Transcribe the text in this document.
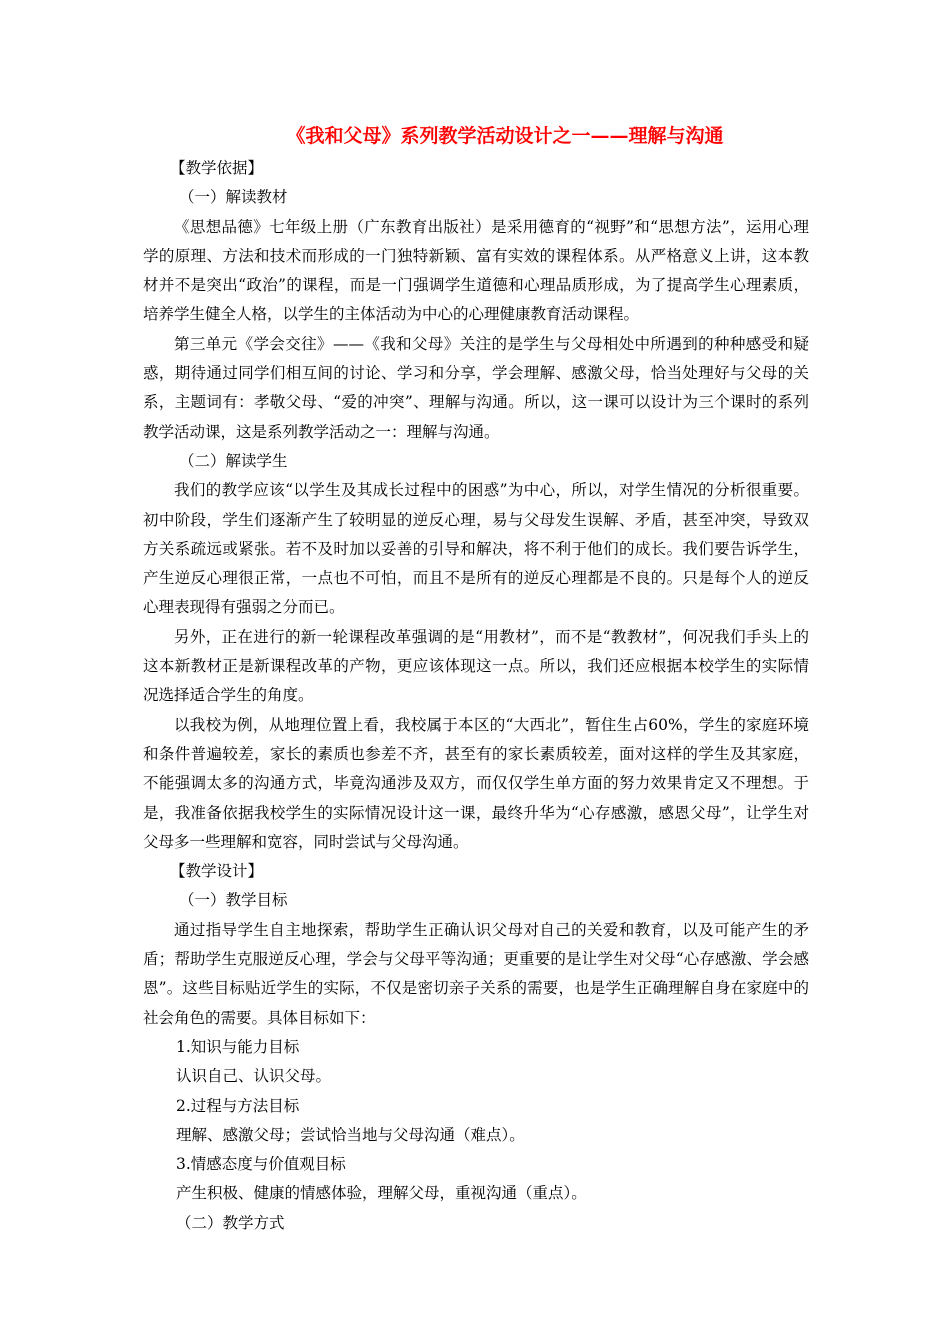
《我和父母》系列教学活动设计之一——理解与沟通

【教学依据】

（一）解读教材

《思想品德》七年级上册（广东教育出版社）是采用德育的“视野”和“思想方法”，运用心理学的原理、方法和技术而形成的一门独特新颖、富有实效的课程体系。从严格意义上讲，这本教材并不是突出“政治”的课程，而是一门强调学生道德和心理品质形成，为了提高学生心理素质，培养学生健全人格，以学生的主体活动为中心的心理健康教育活动课程。

第三单元《学会交往》——《我和父母》关注的是学生与父母相处中所遇到的种种感受和疑惑，期待通过同学们相互间的讨论、学习和分享，学会理解、感激父母，恰当处理好与父母的关系，主题词有：孝敬父母、“爱的冲突”、理解与沟通。所以，这一课可以设计为三个课时的系列教学活动课，这是系列教学活动之一：理解与沟通。

（二）解读学生

我们的教学应该“以学生及其成长过程中的困惑”为中心，所以，对学生情况的分析很重要。初中阶段，学生们逐渐产生了较明显的逆反心理，易与父母发生误解、矛盾，甚至冲突，导致双方关系疏远或紧张。若不及时加以妥善的引导和解决，将不利于他们的成长。我们要告诉学生，产生逆反心理很正常，一点也不可怕，而且不是所有的逆反心理都是不良的。只是每个人的逆反心理表现得有强弱之分而已。

另外，正在进行的新一轮课程改革强调的是“用教材”，而不是“教教材”，何况我们手头上的这本新教材正是新课程改革的产物，更应该体现这一点。所以，我们还应根据本校学生的实际情况选择适合学生的角度。

以我校为例，从地理位置上看，我校属于本区的“大西北”，暂住生占60%，学生的家庭环境和条件普遍较差，家长的素质也参差不齐，甚至有的家长素质较差，面对这样的学生及其家庭，不能强调太多的沟通方式，毕竟沟通涉及双方，而仅仅学生单方面的努力效果肯定又不理想。于是，我准备依据我校学生的实际情况设计这一课，最终升华为“心存感激，感恩父母”，让学生对父母多一些理解和宽容，同时尝试与父母沟通。

【教学设计】

（一）教学目标

通过指导学生自主地探索，帮助学生正确认识父母对自己的关爱和教育，以及可能产生的矛盾；帮助学生克服逆反心理，学会与父母平等沟通；更重要的是让学生对父母“心存感激、学会感恩”。这些目标贴近学生的实际，不仅是密切亲子关系的需要，也是学生正确理解自身在家庭中的社会角色的需要。具体目标如下：

1.知识与能力目标

认识自己、认识父母。

2.过程与方法目标

理解、感激父母；尝试恰当地与父母沟通（难点）。

3.情感态度与价值观目标

产生积极、健康的情感体验，理解父母，重视沟通（重点）。

（二）教学方式
